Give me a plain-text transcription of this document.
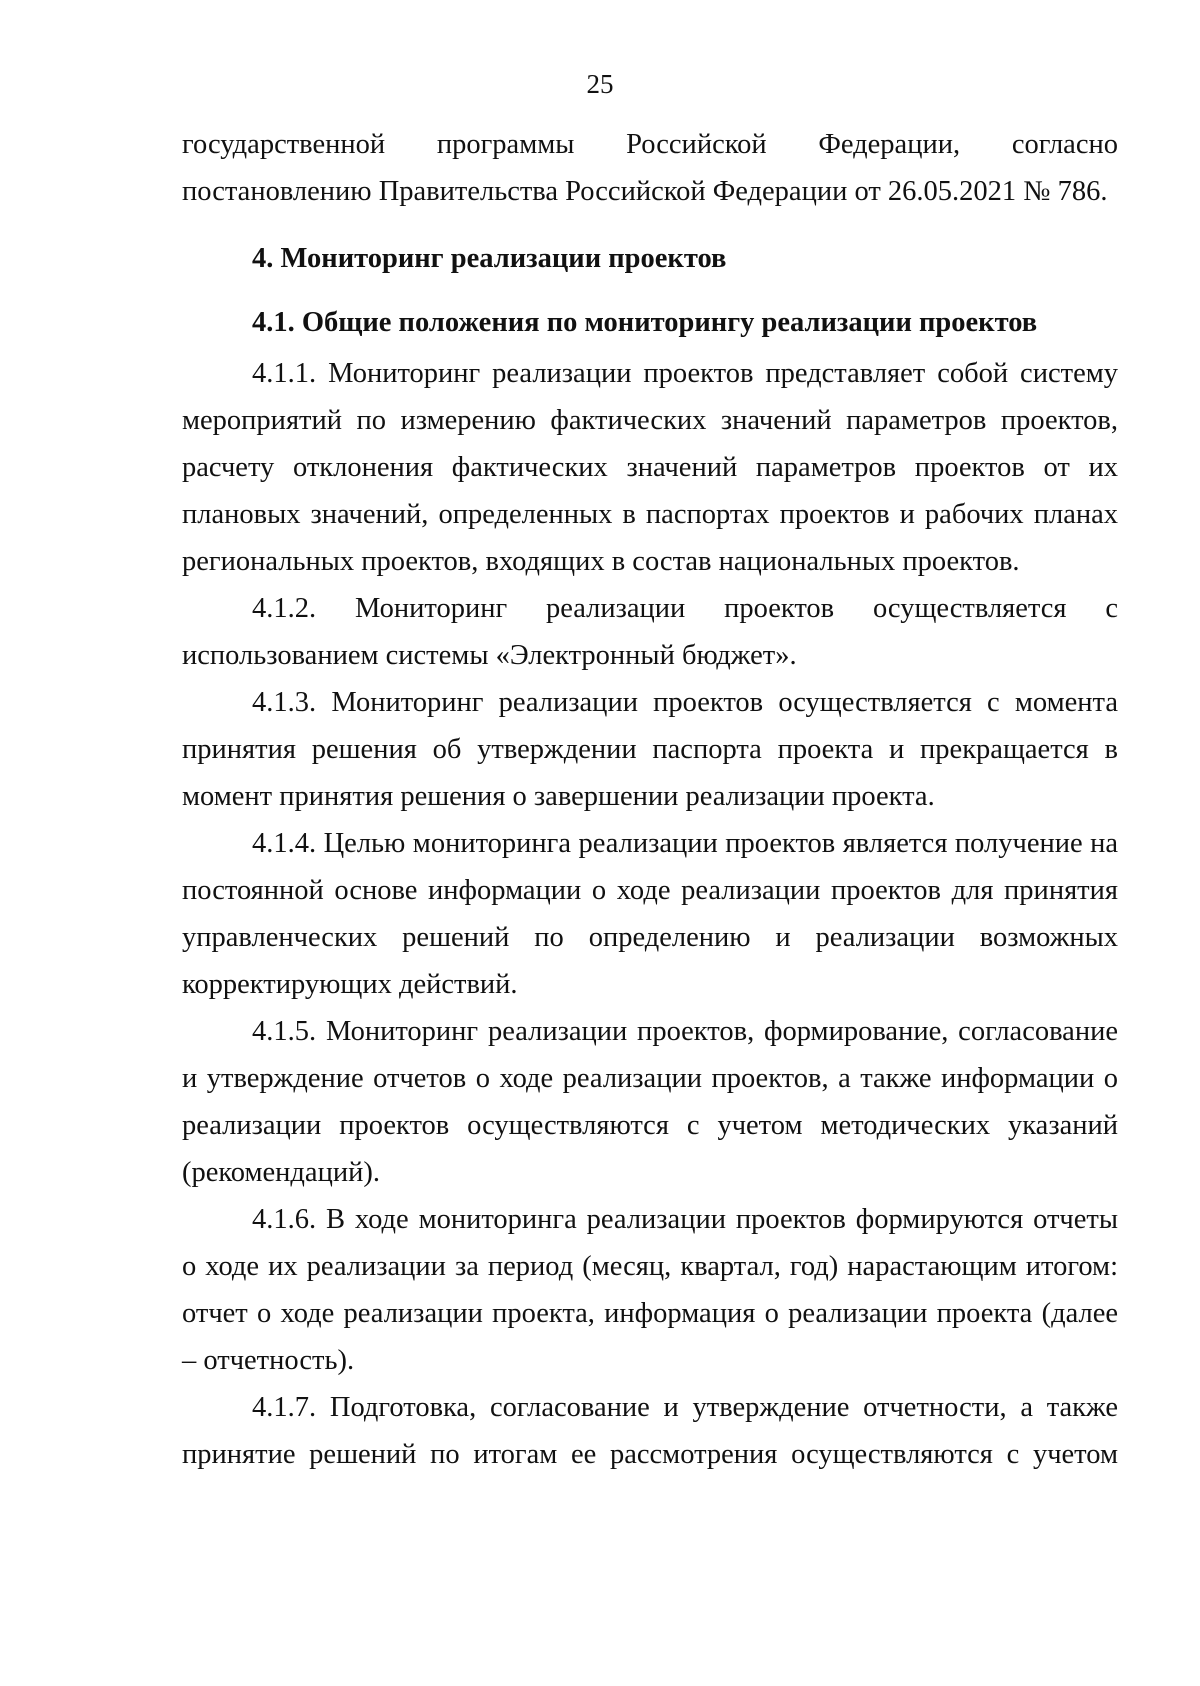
25

государственной программы Российской Федерации, согласно

постановлению Правительства Российской Федерации от 26.05.2021 № 786.

4. Мониторинг реализации проектов

4.1. Общие положения по мониторингу реализации проектов

4.1.1. Мониторинг реализации проектов представляет собой систему мероприятий по измерению фактических значений параметров проектов, расчету отклонения фактических значений параметров проектов от их плановых значений, определенных в паспортах проектов и рабочих планах региональных проектов, входящих в состав национальных проектов.

4.1.2. Мониторинг реализации проектов осуществляется с использованием системы «Электронный бюджет».

4.1.3. Мониторинг реализации проектов осуществляется с момента принятия решения об утверждении паспорта проекта и прекращается в момент принятия решения о завершении реализации проекта.

4.1.4. Целью мониторинга реализации проектов является получение на постоянной основе информации о ходе реализации проектов для принятия управленческих решений по определению и реализации возможных корректирующих действий.

4.1.5. Мониторинг реализации проектов, формирование, согласование и утверждение отчетов о ходе реализации проектов, а также информации о реализации проектов осуществляются с учетом методических указаний (рекомендаций).

4.1.6. В ходе мониторинга реализации проектов формируются отчеты о ходе их реализации за период (месяц, квартал, год) нарастающим итогом: отчет о ходе реализации проекта, информация о реализации проекта (далее – отчетность).

4.1.7. Подготовка, согласование и утверждение отчетности, а также принятие решений по итогам ее рассмотрения осуществляются с учетом
